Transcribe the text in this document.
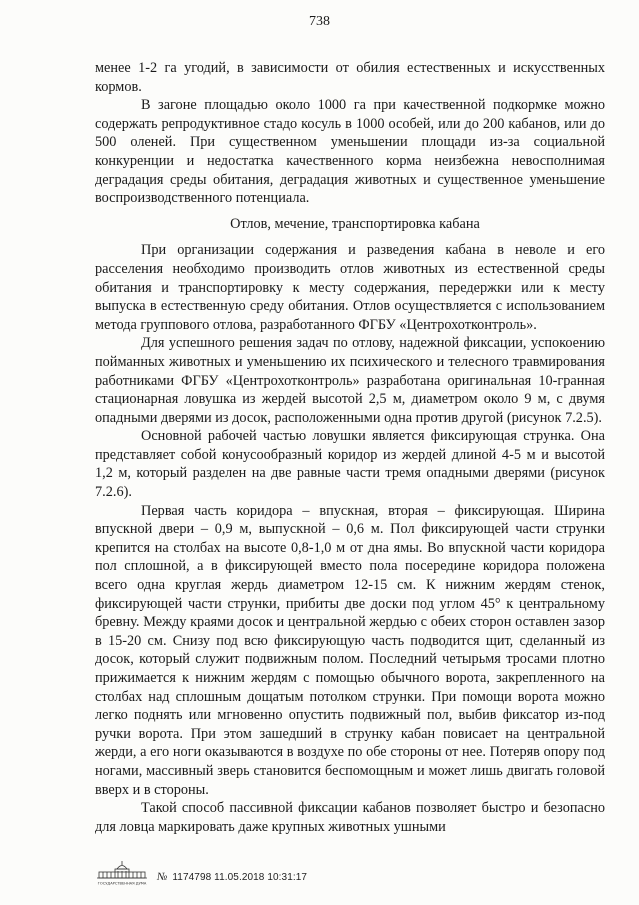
738

менее 1-2 га угодий, в зависимости от обилия естественных и искусственных кормов.

В загоне площадью около 1000 га при качественной подкормке можно содержать репродуктивное стадо косуль в 1000 особей, или до 200 кабанов, или до 500 оленей. При существенном уменьшении площади из-за социальной конкуренции и недостатка качественного корма неизбежна невосполнимая деградация среды обитания, деградация животных и существенное уменьшение воспроизводственного потенциала.

Отлов, мечение, транспортировка кабана

При организации содержания и разведения кабана в неволе и его расселения необходимо производить отлов животных из естественной среды обитания и транспортировку к месту содержания, передержки или к месту выпуска в естественную среду обитания. Отлов осуществляется с использованием метода группового отлова, разработанного ФГБУ «Центрохотконтроль».

Для успешного решения задач по отлову, надежной фиксации, успокоению пойманных животных и уменьшению их психического и телесного травмирования работниками ФГБУ «Центрохотконтроль» разработана оригинальная 10-гранная стационарная ловушка из жердей высотой 2,5 м, диаметром около 9 м, с двумя опадными дверями из досок, расположенными одна против другой (рисунок 7.2.5).

Основной рабочей частью ловушки является фиксирующая струнка. Она представляет собой конусообразный коридор из жердей длиной 4-5 м и высотой 1,2 м, который разделен на две равные части тремя опадными дверями (рисунок 7.2.6).

Первая часть коридора – впускная, вторая – фиксирующая. Ширина впускной двери – 0,9 м, выпускной – 0,6 м. Пол фиксирующей части струнки крепится на столбах на высоте 0,8-1,0 м от дна ямы. Во впускной части коридора пол сплошной, а в фиксирующей вместо пола посередине коридора положена всего одна круглая жердь диаметром 12-15 см. К нижним жердям стенок, фиксирующей части струнки, прибиты две доски под углом 45° к центральному бревну. Между краями досок и центральной жердью с обеих сторон оставлен зазор в 15-20 см. Снизу под всю фиксирующую часть подводится щит, сделанный из досок, который служит подвижным полом. Последний четырьмя тросами плотно прижимается к нижним жердям с помощью обычного ворота, закрепленного на столбах над сплошным дощатым потолком струнки. При помощи ворота можно легко поднять или мгновенно опустить подвижный пол, выбив фиксатор из-под ручки ворота. При этом зашедший в струнку кабан повисает на центральной жерди, а его ноги оказываются в воздухе по обе стороны от нее. Потеряв опору под ногами, массивный зверь становится беспомощным и может лишь двигать головой вверх и в стороны.

Такой способ пассивной фиксации кабанов позволяет быстро и безопасно для ловца маркировать даже крупных животных ушными

ГОСУДАРСТВЕННАЯ ДУМА
№ 1174798 11.05.2018 10:31:17
